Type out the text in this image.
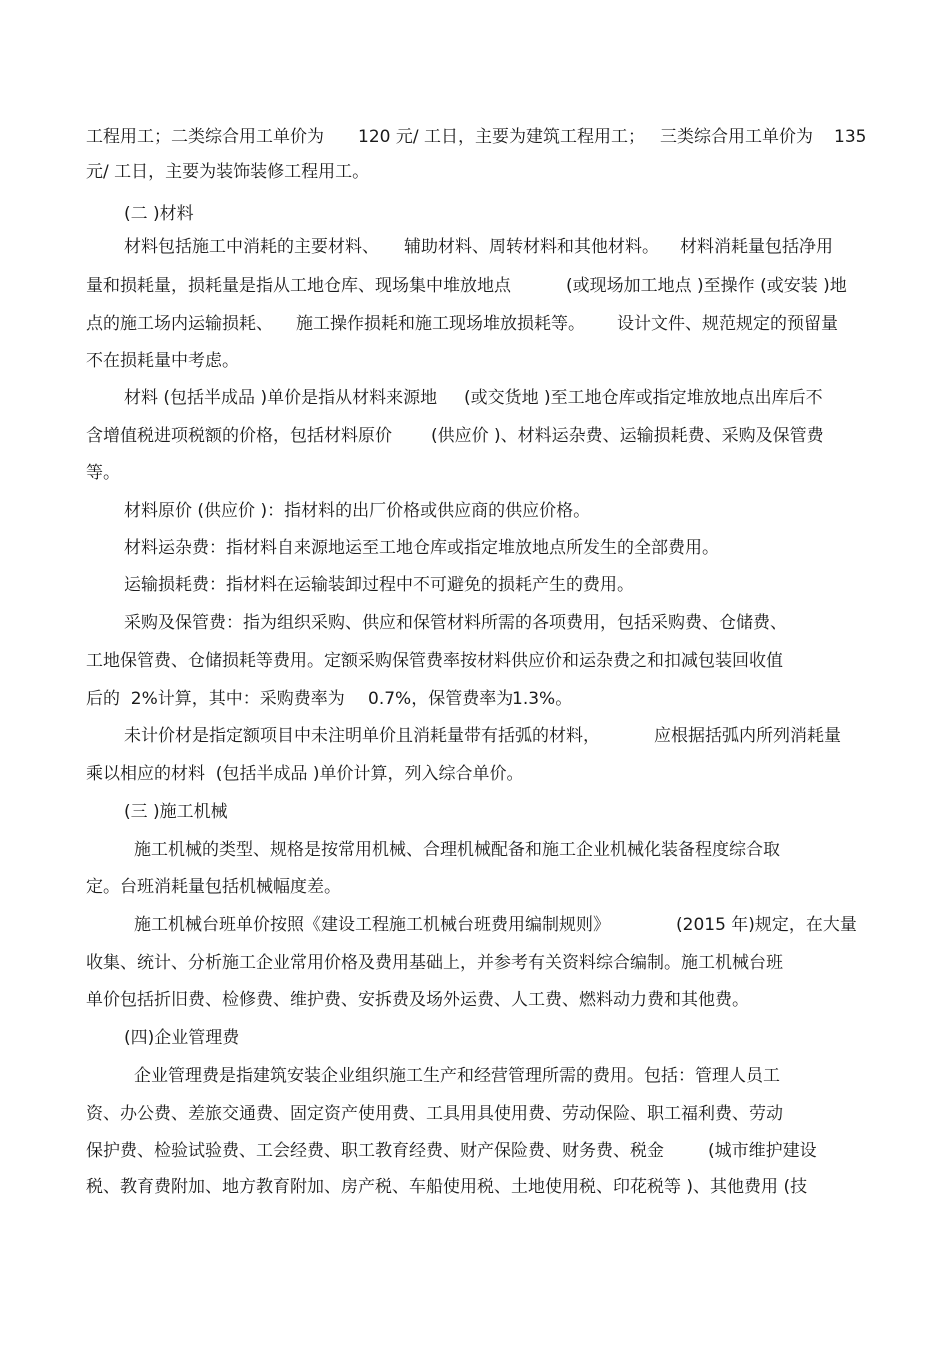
工程用工；二类综合用工单价为 120 元/ 工日，主要为建筑工程用工； 三类综合用工单价为 135
元/ 工日，主要为装饰装修工程用工。
(二 )材料
材料包括施工中消耗的主要材料、 辅助材料、周转材料和其他材料。 材料消耗量包括净用
量和损耗量，损耗量是指从工地仓库、现场集中堆放地点	(或现场加工地点 )至操作 (或安装 )地
点的施工场内运输损耗、 施工操作损耗和施工现场堆放损耗等。 设计文件、规范规定的预留量
不在损耗量中考虑。
材料 (包括半成品 )单价是指从材料来源地 (或交货地 )至工地仓库或指定堆放地点出库后不
含增值税进项税额的价格，包括材料原价 (供应价 )、材料运杂费、运输损耗费、采购及保管费
等。
材料原价 (供应价 )：指材料的出厂价格或供应商的供应价格。
材料运杂费：指材料自来源地运至工地仓库或指定堆放地点所发生的全部费用。
运输损耗费：指材料在运输装卸过程中不可避免的损耗产生的费用。
采购及保管费：指为组织采购、供应和保管材料所需的各项费用，包括采购费、仓储费、
工地保管费、仓储损耗等费用。定额采购保管费率按材料供应价和运杂费之和扣减包装回收值
后的  2%计算，其中：采购费率为 0.7%，保管费率为
1.3%。
未计价材是指定额项目中未注明单价且消耗量带有括弧的材料，	应根据括弧内所列消耗量
乘以相应的材料  (包括半成品 )单价计算，列入综合单价。
(三 )施工机械
施工机械的类型、规格是按常用机械、合理机械配备和施工企业机械化装备程度综合取
定。台班消耗量包括机械幅度差。
施工机械台班单价按照《建设工程施工机械台班费用编制规则》	(2015 年)规定，在大量
收集、统计、分析施工企业常用价格及费用基础上，并参考有关资料综合编制。施工机械台班
单价包括折旧费、检修费、维护费、安拆费及场外运费、人工费、燃料动力费和其他费。
(四)企业管理费
企业管理费是指建筑安装企业组织施工生产和经营管理所需的费用。包括：管理人员工
资、办公费、差旅交通费、固定资产使用费、工具用具使用费、劳动保险、职工福利费、劳动
保护费、检验试验费、工会经费、职工教育经费、财产保险费、财务费、税金	(城市维护建设
税、教育费附加、地方教育附加、房产税、车船使用税、土地使用税、印花税等 )、其他费用 (技
